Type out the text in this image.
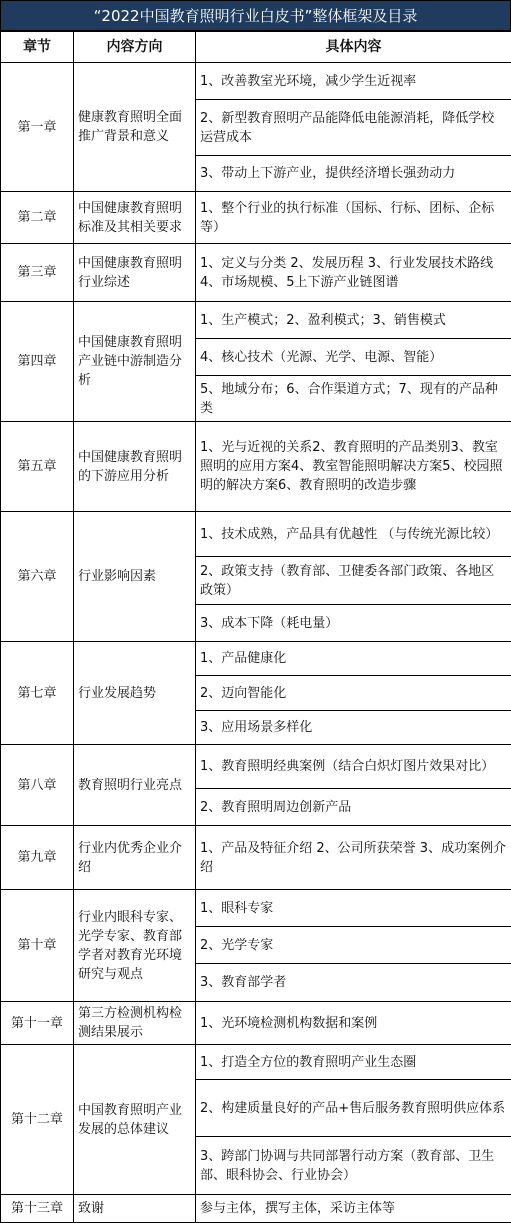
“2022中国教育照明行业白皮书”整体框架及目录
章节	内容方向	具体内容
第一章	健康教育照明全面推广背景和意义	1、改善教室光环境，减少学生近视率
		2、新型教育照明产品能降低电能源消耗，降低学校运营成本
		3、带动上下游产业，提供经济增长强劲动力
第二章	中国健康教育照明标准及其相关要求	1、整个行业的执行标准（国标、行标、团标、企标等）
第三章	中国健康教育照明行业综述	1、定义与分类 2、发展历程 3、行业发展技术路线 4、市场规模、5上下游产业链图谱
第四章	中国健康教育照明产业链中游制造分析	1、生产模式；2、盈利模式；3、销售模式
		4、核心技术（光源、光学、电源、智能）
		5、地域分布；6、合作渠道方式；7、现有的产品种类
第五章	中国健康教育照明的下游应用分析	1、光与近视的关系2、教育照明的产品类别3、教室照明的应用方案4、教室智能照明解决方案5、校园照明的解决方案6、教育照明的改造步骤
第六章	行业影响因素	1、技术成熟，产品具有优越性 （与传统光源比较）
		2、政策支持（教育部、卫健委各部门政策、各地区政策）
		3、成本下降（耗电量）
第七章	行业发展趋势	1、产品健康化
		2、迈向智能化
		3、应用场景多样化
第八章	教育照明行业亮点	1、教育照明经典案例（结合白炽灯图片效果对比）
		2、教育照明周边创新产品
第九章	行业内优秀企业介绍	1、产品及特征介绍 2、公司所获荣誉 3、成功案例介绍
第十章	行业内眼科专家、光学专家、教育部学者对教育光环境研究与观点	1、眼科专家
		2、光学专家
		3、教育部学者
第十一章	第三方检测机构检测结果展示	1、光环境检测机构数据和案例
第十二章	中国教育照明产业发展的总体建议	1、打造全方位的教育照明产业生态圈
		2、构建质量良好的产品+售后服务教育照明供应体系
		3、跨部门协调与共同部署行动方案（教育部、卫生部、眼科协会、行业协会）
第十三章	致谢	参与主体，撰写主体，采访主体等
